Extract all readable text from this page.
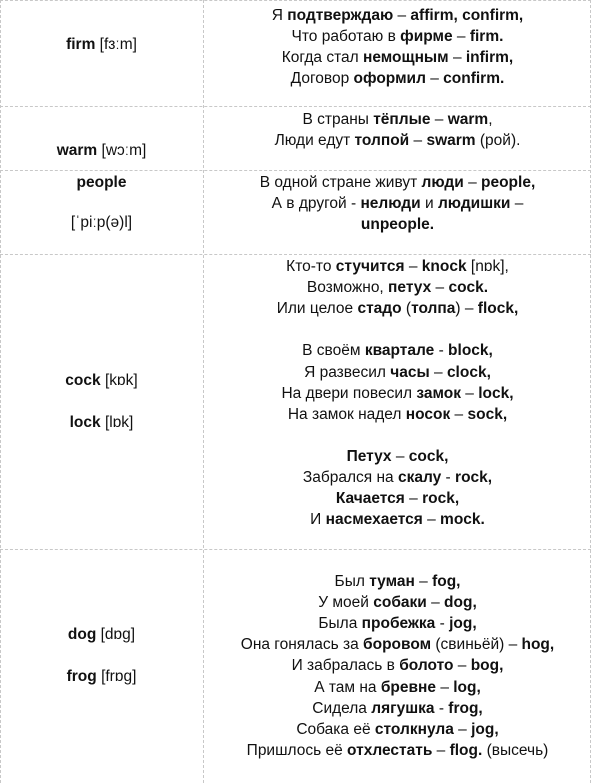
firm [fɜːm]
Я подтверждаю – affirm, confirm,
Что работаю в фирме – firm.
Когда стал немощным – infirm,
Договор оформил – confirm.
warm [wɔːm]
В страны тёплые – warm,
Люди едут толпой – swarm (рой).
people
[ˈpiːp(ə)l]
В одной стране живут люди – people,
А в другой - нелюди и людишки –
unpeople.
cock [kɒk]
lock [lɒk]
Кто-то стучится – knock [nɒk],
Возможно, петух – cock.
Или целое стадо (толпа) – flock,
В своём квартале - block,
Я развесил часы – clock,
На двери повесил замок – lock,
На замок надел носок – sock,
Петух – cock,
Забрался на скалу - rock,
Качается – rock,
И насмехается – mock.
dog [dɒg]
frog [frɒg]
Был туман – fog,
У моей собаки – dog,
Была пробежка - jog,
Она гонялась за боровом (свиньёй) – hog,
И забралась в болото – bog,
А там на бревне – log,
Сидела лягушка - frog,
Собака её столкнула – jog,
Пришлось её отхлестать – flog. (высечь)
